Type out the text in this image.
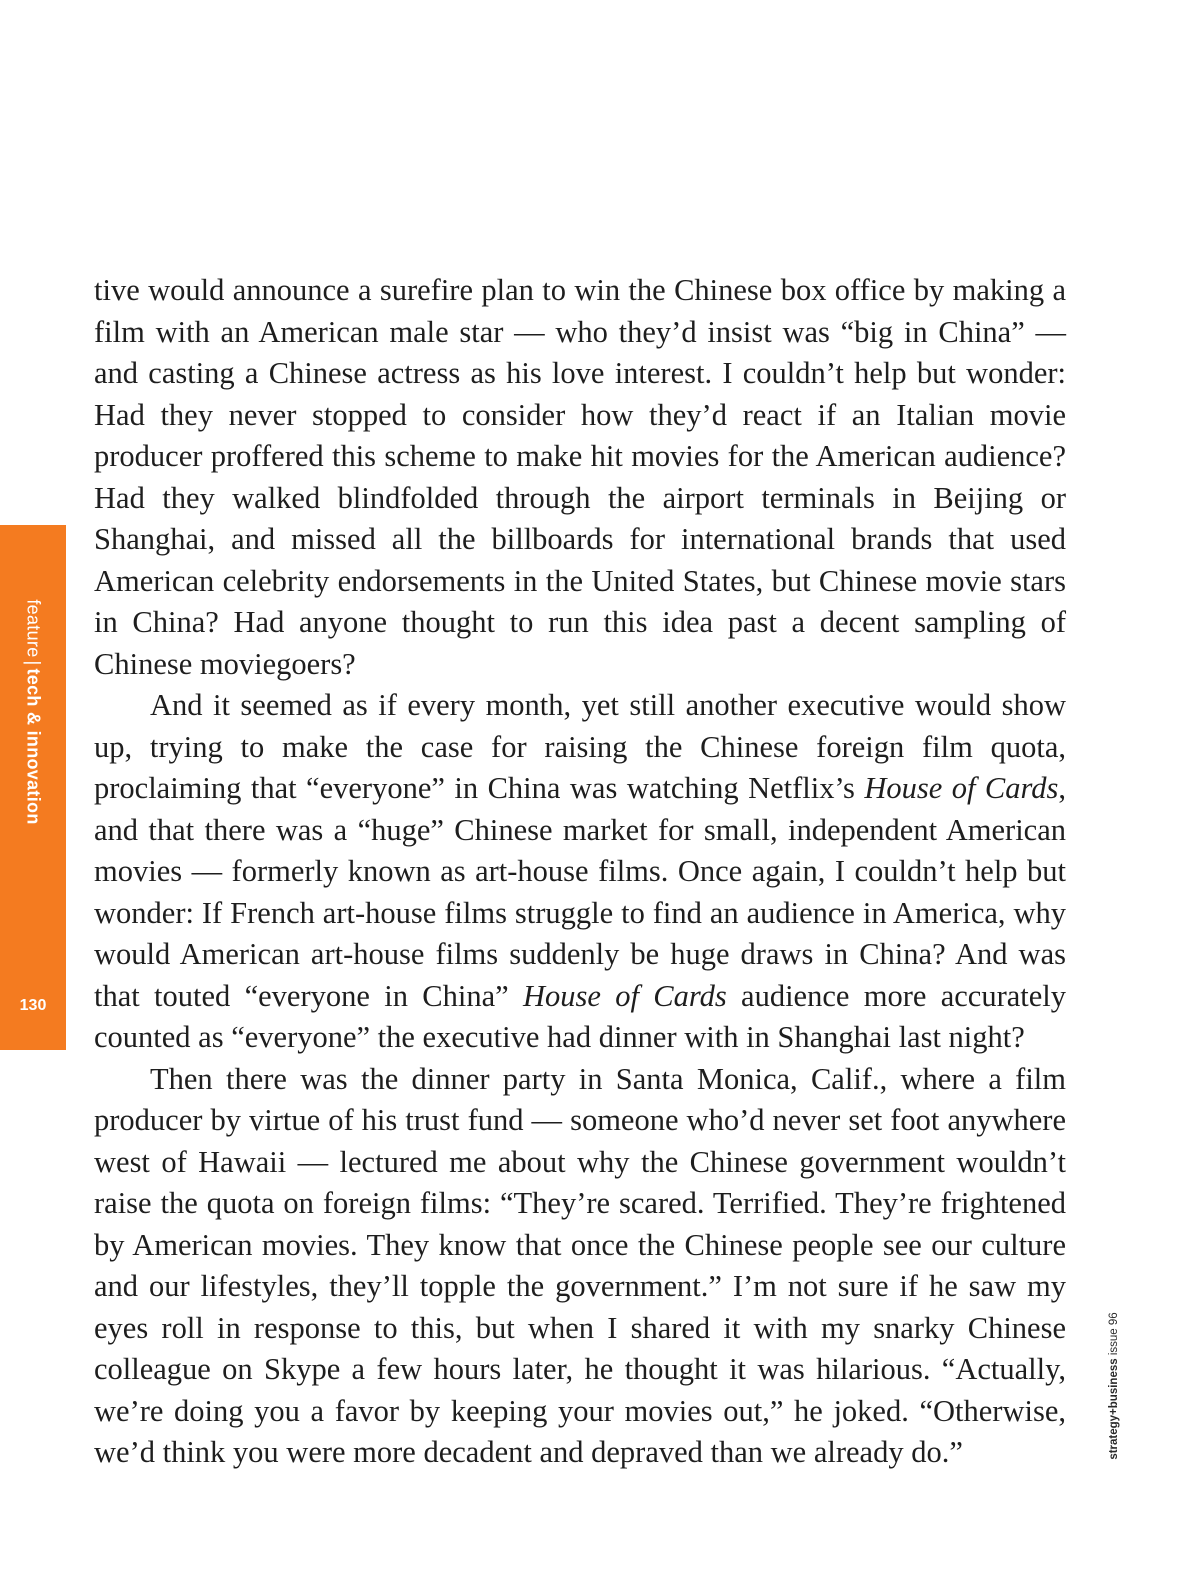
feature|tech & innovation
130

tive would announce a surefire plan to win the Chinese box office by making a film with an American male star — who they’d insist was “big in China” — and casting a Chinese actress as his love interest. I couldn’t help but wonder: Had they never stopped to consider how they’d react if an Italian movie producer proffered this scheme to make hit movies for the American audience? Had they walked blindfolded through the airport terminals in Beijing or Shanghai, and missed all the billboards for international brands that used American celebrity endorsements in the United States, but Chinese movie stars in China? Had anyone thought to run this idea past a decent sampling of Chinese moviegoers?

And it seemed as if every month, yet still another executive would show up, trying to make the case for raising the Chinese foreign film quota, proclaiming that “everyone” in China was watching Netflix’s House of Cards, and that there was a “huge” Chinese market for small, independent American movies — formerly known as art-house films. Once again, I couldn’t help but wonder: If French art-house films struggle to find an audience in America, why would American art-house films suddenly be huge draws in China? And was that touted “everyone in China” House of Cards audience more accurately counted as “everyone” the executive had dinner with in Shanghai last night?

Then there was the dinner party in Santa Monica, Calif., where a film producer by virtue of his trust fund — someone who’d never set foot anywhere west of Hawaii — lectured me about why the Chinese government wouldn’t raise the quota on foreign films: “They’re scared. Terrified. They’re frightened by American movies. They know that once the Chinese people see our culture and our lifestyles, they’ll topple the government.” I’m not sure if he saw my eyes roll in response to this, but when I shared it with my snarky Chinese colleague on Skype a few hours later, he thought it was hilarious. “Actually, we’re doing you a favor by keeping your movies out,” he joked. “Otherwise, we’d think you were more decadent and depraved than we already do.”	strategy+business issue 96
